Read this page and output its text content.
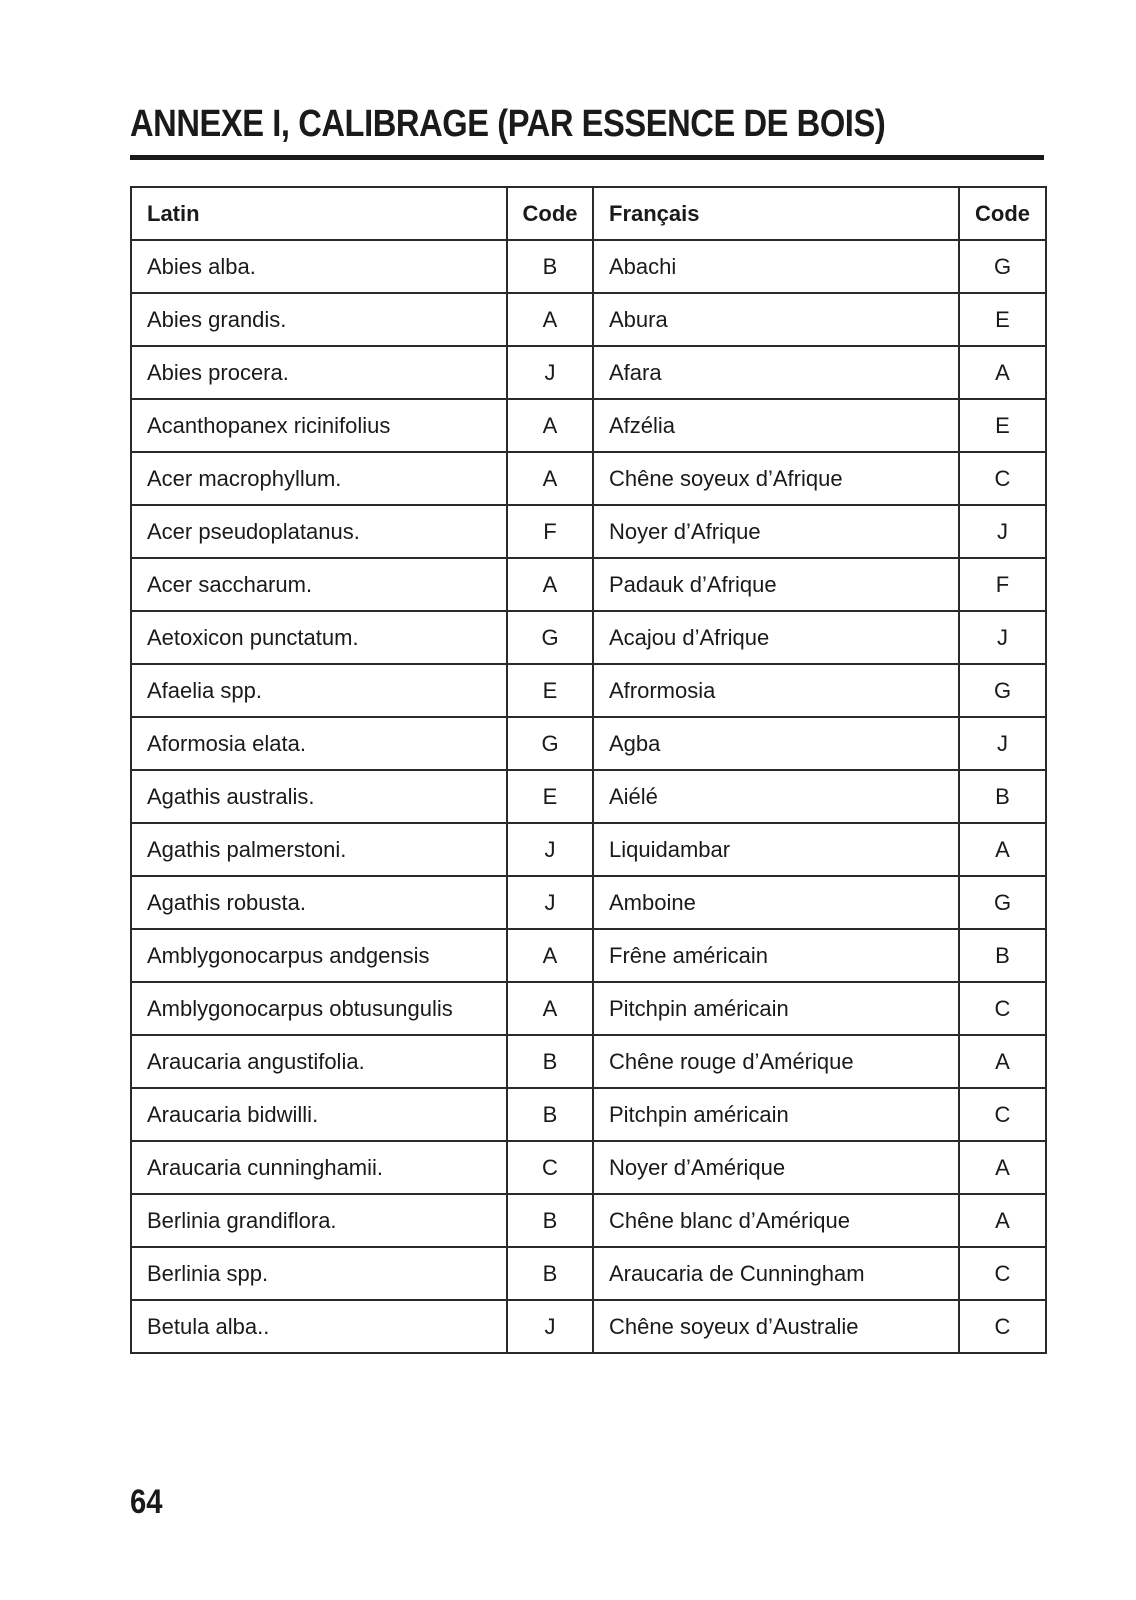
ANNEXE I, CALIBRAGE (PAR ESSENCE DE BOIS)
Latin	Code	Français	Code
Abies alba.	B	Abachi	G
Abies grandis.	A	Abura	E
Abies procera.	J	Afara	A
Acanthopanex ricinifolius	A	Afzélia	E
Acer macrophyllum.	A	Chêne soyeux d’Afrique	C
Acer pseudoplatanus.	F	Noyer d’Afrique	J
Acer saccharum.	A	Padauk d’Afrique	F
Aetoxicon punctatum.	G	Acajou d’Afrique	J
Afaelia spp.	E	Afrormosia	G
Aformosia elata.	G	Agba	J
Agathis australis.	E	Aiélé	B
Agathis palmerstoni.	J	Liquidambar	A
Agathis robusta.	J	Amboine	G
Amblygonocarpus andgensis	A	Frêne américain	B
Amblygonocarpus obtusungulis	A	Pitchpin américain	C
Araucaria angustifolia.	B	Chêne rouge d’Amérique	A
Araucaria bidwilli.	B	Pitchpin américain	C
Araucaria cunninghamii.	C	Noyer d’Amérique	A
Berlinia grandiflora.	B	Chêne blanc d’Amérique	A
Berlinia spp.	B	Araucaria de Cunningham	C
Betula alba..	J	Chêne soyeux d’Australie	C
64
